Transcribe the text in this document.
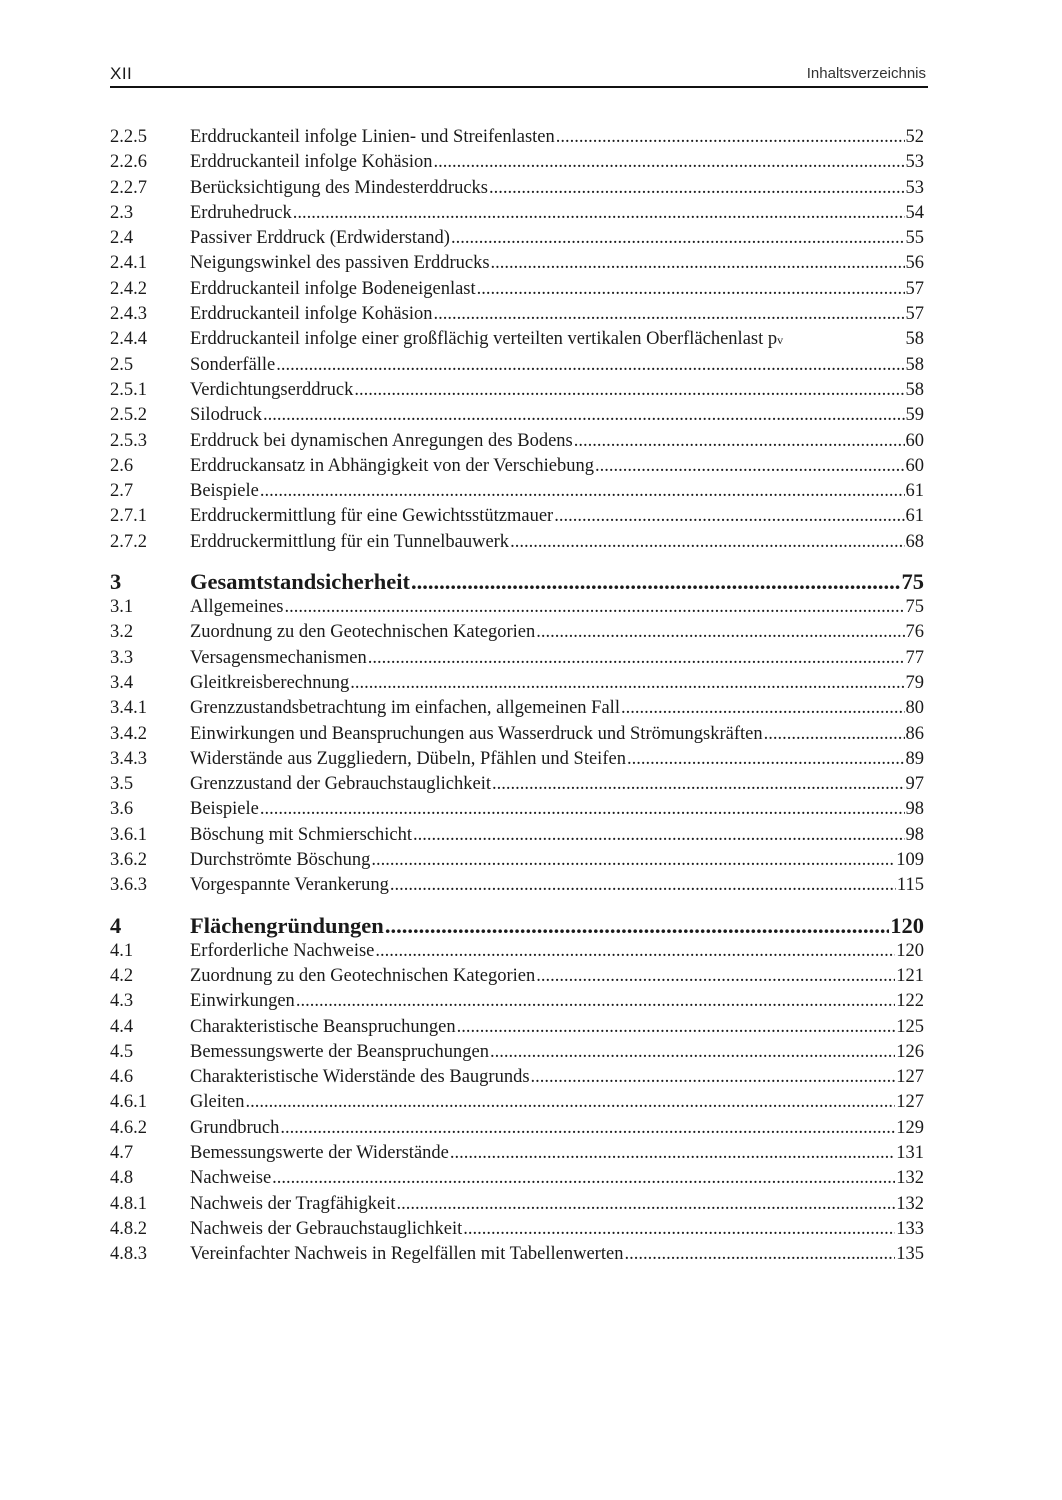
XII	Inhaltsverzeichnis
2.2.5	Erddruckanteil infolge Linien- und Streifenlasten .....	52
2.2.6	Erddruckanteil infolge Kohäsion .....	53
2.2.7	Berücksichtigung des Mindesterddrucks .....	53
2.3	Erdruhedruck .....	54
2.4	Passiver Erddruck (Erdwiderstand) .....	55
2.4.1	Neigungswinkel des passiven Erddrucks .....	56
2.4.2	Erddruckanteil infolge Bodeneigenlast .....	57
2.4.3	Erddruckanteil infolge Kohäsion .....	57
2.4.4	Erddruckanteil infolge einer großflächig verteilten vertikalen Oberflächenlast p v	58
2.5	Sonderfälle .....	58
2.5.1	Verdichtungserddruck .....	58
2.5.2	Silodruck .....	59
2.5.3	Erddruck bei dynamischen Anregungen des Bodens .....	60
2.6	Erddruckansatz in Abhängigkeit von der Verschiebung .....	60
2.7	Beispiele .....	61
2.7.1	Erddruckermittlung für eine Gewichtsstützmauer .....	61
2.7.2	Erddruckermittlung für ein Tunnelbauwerk .....	68
3	Gesamtstandsicherheit .....	75
3.1	Allgemeines .....	75
3.2	Zuordnung zu den Geotechnischen Kategorien .....	76
3.3	Versagensmechanismen .....	77
3.4	Gleitkreisberechnung .....	79
3.4.1	Grenzzustandsbetrachtung im einfachen, allgemeinen Fall .....	80
3.4.2	Einwirkungen und Beanspruchungen aus Wasserdruck und Strömungskräften .....	86
3.4.3	Widerstände aus Zuggliedern, Dübeln, Pfählen und Steifen .....	89
3.5	Grenzzustand der Gebrauchstauglichkeit .....	97
3.6	Beispiele .....	98
3.6.1	Böschung mit Schmierschicht .....	98
3.6.2	Durchströmte Böschung .....	109
3.6.3	Vorgespannte Verankerung .....	115
4	Flächengründungen .....	120
4.1	Erforderliche Nachweise .....	120
4.2	Zuordnung zu den Geotechnischen Kategorien .....	121
4.3	Einwirkungen .....	122
4.4	Charakteristische Beanspruchungen .....	125
4.5	Bemessungswerte der Beanspruchungen .....	126
4.6	Charakteristische Widerstände des Baugrunds .....	127
4.6.1	Gleiten .....	127
4.6.2	Grundbruch .....	129
4.7	Bemessungswerte der Widerstände .....	131
4.8	Nachweise .....	132
4.8.1	Nachweis der Tragfähigkeit .....	132
4.8.2	Nachweis der Gebrauchstauglichkeit .....	133
4.8.3	Vereinfachter Nachweis in Regelfällen mit Tabellenwerten .....	135
